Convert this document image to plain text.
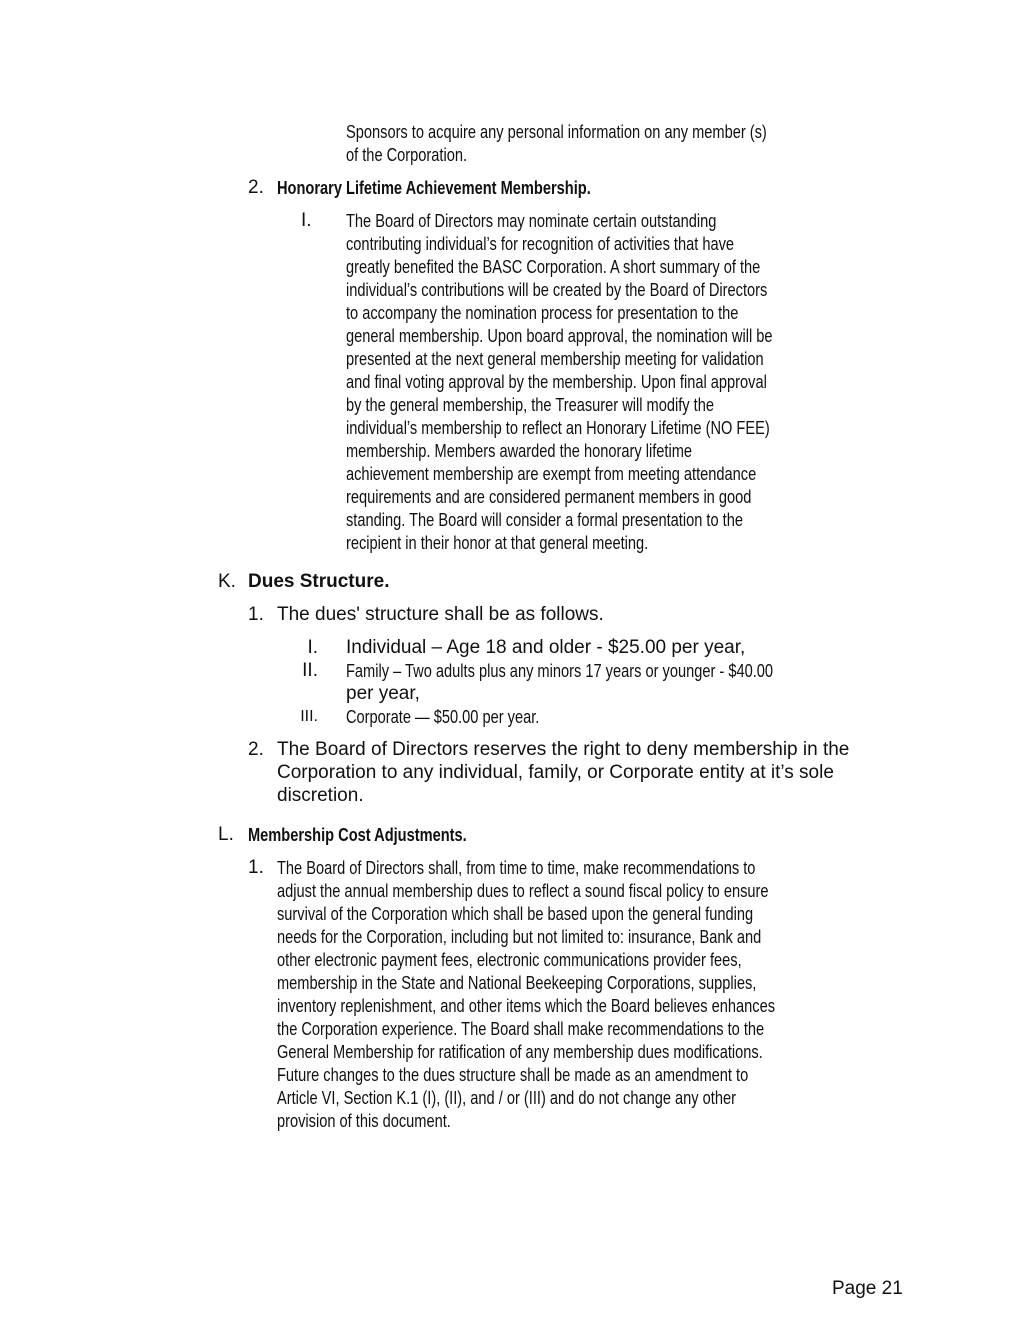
Sponsors to acquire any personal information on any member (s)
of the Corporation.
2. Honorary Lifetime Achievement Membership.
I. The Board of Directors may nominate certain outstanding
contributing individual’s for recognition of activities that have
greatly benefited the BASC Corporation. A short summary of the
individual’s contributions will be created by the Board of Directors
to accompany the nomination process for presentation to the
general membership. Upon board approval, the nomination will be
presented at the next general membership meeting for validation
and final voting approval by the membership. Upon final approval
by the general membership, the Treasurer will modify the
individual’s membership to reflect an Honorary Lifetime (NO FEE)
membership. Members awarded the honorary lifetime
achievement membership are exempt from meeting attendance
requirements and are considered permanent members in good
standing. The Board will consider a formal presentation to the
recipient in their honor at that general meeting.
K. Dues Structure.
1. The dues' structure shall be as follows.
I. Individual – Age 18 and older - $25.00 per year,
II. Family – Two adults plus any minors 17 years or younger - $40.00
per year,
III. Corporate — $50.00 per year.
2. The Board of Directors reserves the right to deny membership in the
Corporation to any individual, family, or Corporate entity at it’s sole
discretion.
L. Membership Cost Adjustments.
1. The Board of Directors shall, from time to time, make recommendations to
adjust the annual membership dues to reflect a sound fiscal policy to ensure
survival of the Corporation which shall be based upon the general funding
needs for the Corporation, including but not limited to: insurance, Bank and
other electronic payment fees, electronic communications provider fees,
membership in the State and National Beekeeping Corporations, supplies,
inventory replenishment, and other items which the Board believes enhances
the Corporation experience. The Board shall make recommendations to the
General Membership for ratification of any membership dues modifications.
Future changes to the dues structure shall be made as an amendment to
Article VI, Section K.1 (I), (II), and / or (III) and do not change any other
provision of this document.
Page 21
